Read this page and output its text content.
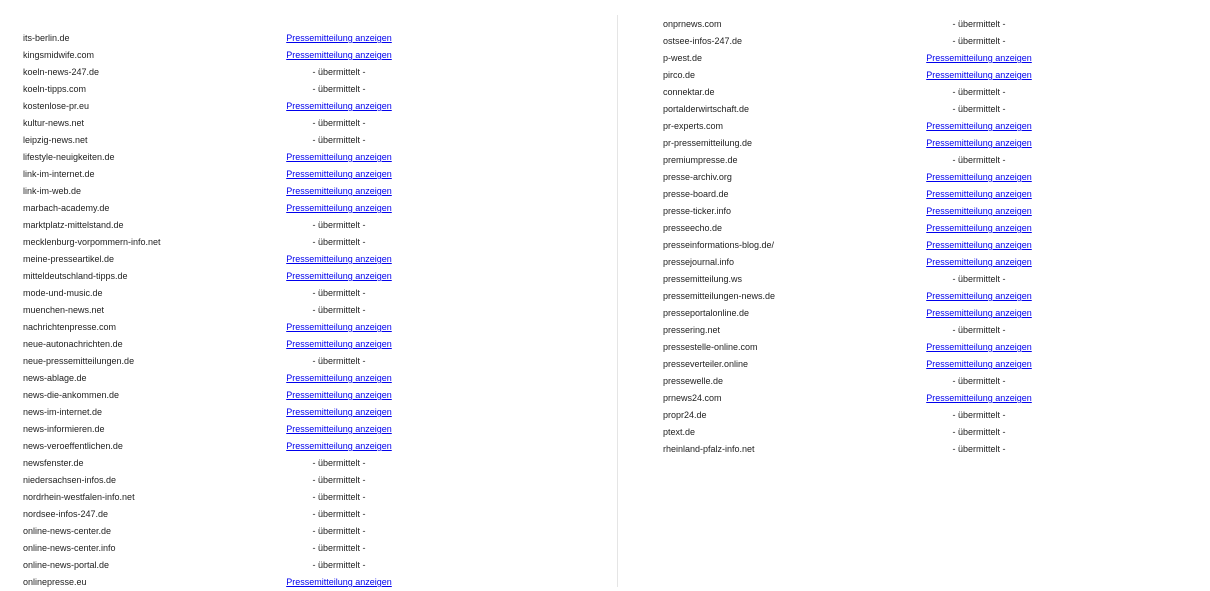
its-berlin.de	Pressemitteilung anzeigen
kingsmidwife.com	Pressemitteilung anzeigen
koeln-news-247.de	- übermittelt -
koeln-tipps.com	- übermittelt -
kostenlose-pr.eu	Pressemitteilung anzeigen
kultur-news.net	- übermittelt -
leipzig-news.net	- übermittelt -
lifestyle-neuigkeiten.de	Pressemitteilung anzeigen
link-im-internet.de	Pressemitteilung anzeigen
link-im-web.de	Pressemitteilung anzeigen
marbach-academy.de	Pressemitteilung anzeigen
marktplatz-mittelstand.de	- übermittelt -
mecklenburg-vorpommern-info.net	- übermittelt -
meine-presseartikel.de	Pressemitteilung anzeigen
mitteldeutschland-tipps.de	Pressemitteilung anzeigen
mode-und-music.de	- übermittelt -
muenchen-news.net	- übermittelt -
nachrichtenpresse.com	Pressemitteilung anzeigen
neue-autonachrichten.de	Pressemitteilung anzeigen
neue-pressemitteilungen.de	- übermittelt -
news-ablage.de	Pressemitteilung anzeigen
news-die-ankommen.de	Pressemitteilung anzeigen
news-im-internet.de	Pressemitteilung anzeigen
news-informieren.de	Pressemitteilung anzeigen
news-veroeffentlichen.de	Pressemitteilung anzeigen
newsfenster.de	- übermittelt -
niedersachsen-infos.de	- übermittelt -
nordrhein-westfalen-info.net	- übermittelt -
nordsee-infos-247.de	- übermittelt -
online-news-center.de	- übermittelt -
online-news-center.info	- übermittelt -
online-news-portal.de	- übermittelt -
onlinepresse.eu	Pressemitteilung anzeigen
onprnews.com	- übermittelt -
ostsee-infos-247.de	- übermittelt -
p-west.de	Pressemitteilung anzeigen
pirco.de	Pressemitteilung anzeigen
connektar.de	- übermittelt -
portalderwirtschaft.de	- übermittelt -
pr-experts.com	Pressemitteilung anzeigen
pr-pressemitteilung.de	Pressemitteilung anzeigen
premiumpresse.de	- übermittelt -
presse-archiv.org	Pressemitteilung anzeigen
presse-board.de	Pressemitteilung anzeigen
presse-ticker.info	Pressemitteilung anzeigen
presseecho.de	Pressemitteilung anzeigen
presseinformations-blog.de/	Pressemitteilung anzeigen
pressejournal.info	Pressemitteilung anzeigen
pressemitteilung.ws	- übermittelt -
pressemitteilungen-news.de	Pressemitteilung anzeigen
presseportalonline.de	Pressemitteilung anzeigen
pressering.net	- übermittelt -
pressestelle-online.com	Pressemitteilung anzeigen
presseverteiler.online	Pressemitteilung anzeigen
pressewelle.de	- übermittelt -
prnews24.com	Pressemitteilung anzeigen
propr24.de	- übermittelt -
ptext.de	- übermittelt -
rheinland-pfalz-info.net	- übermittelt -
